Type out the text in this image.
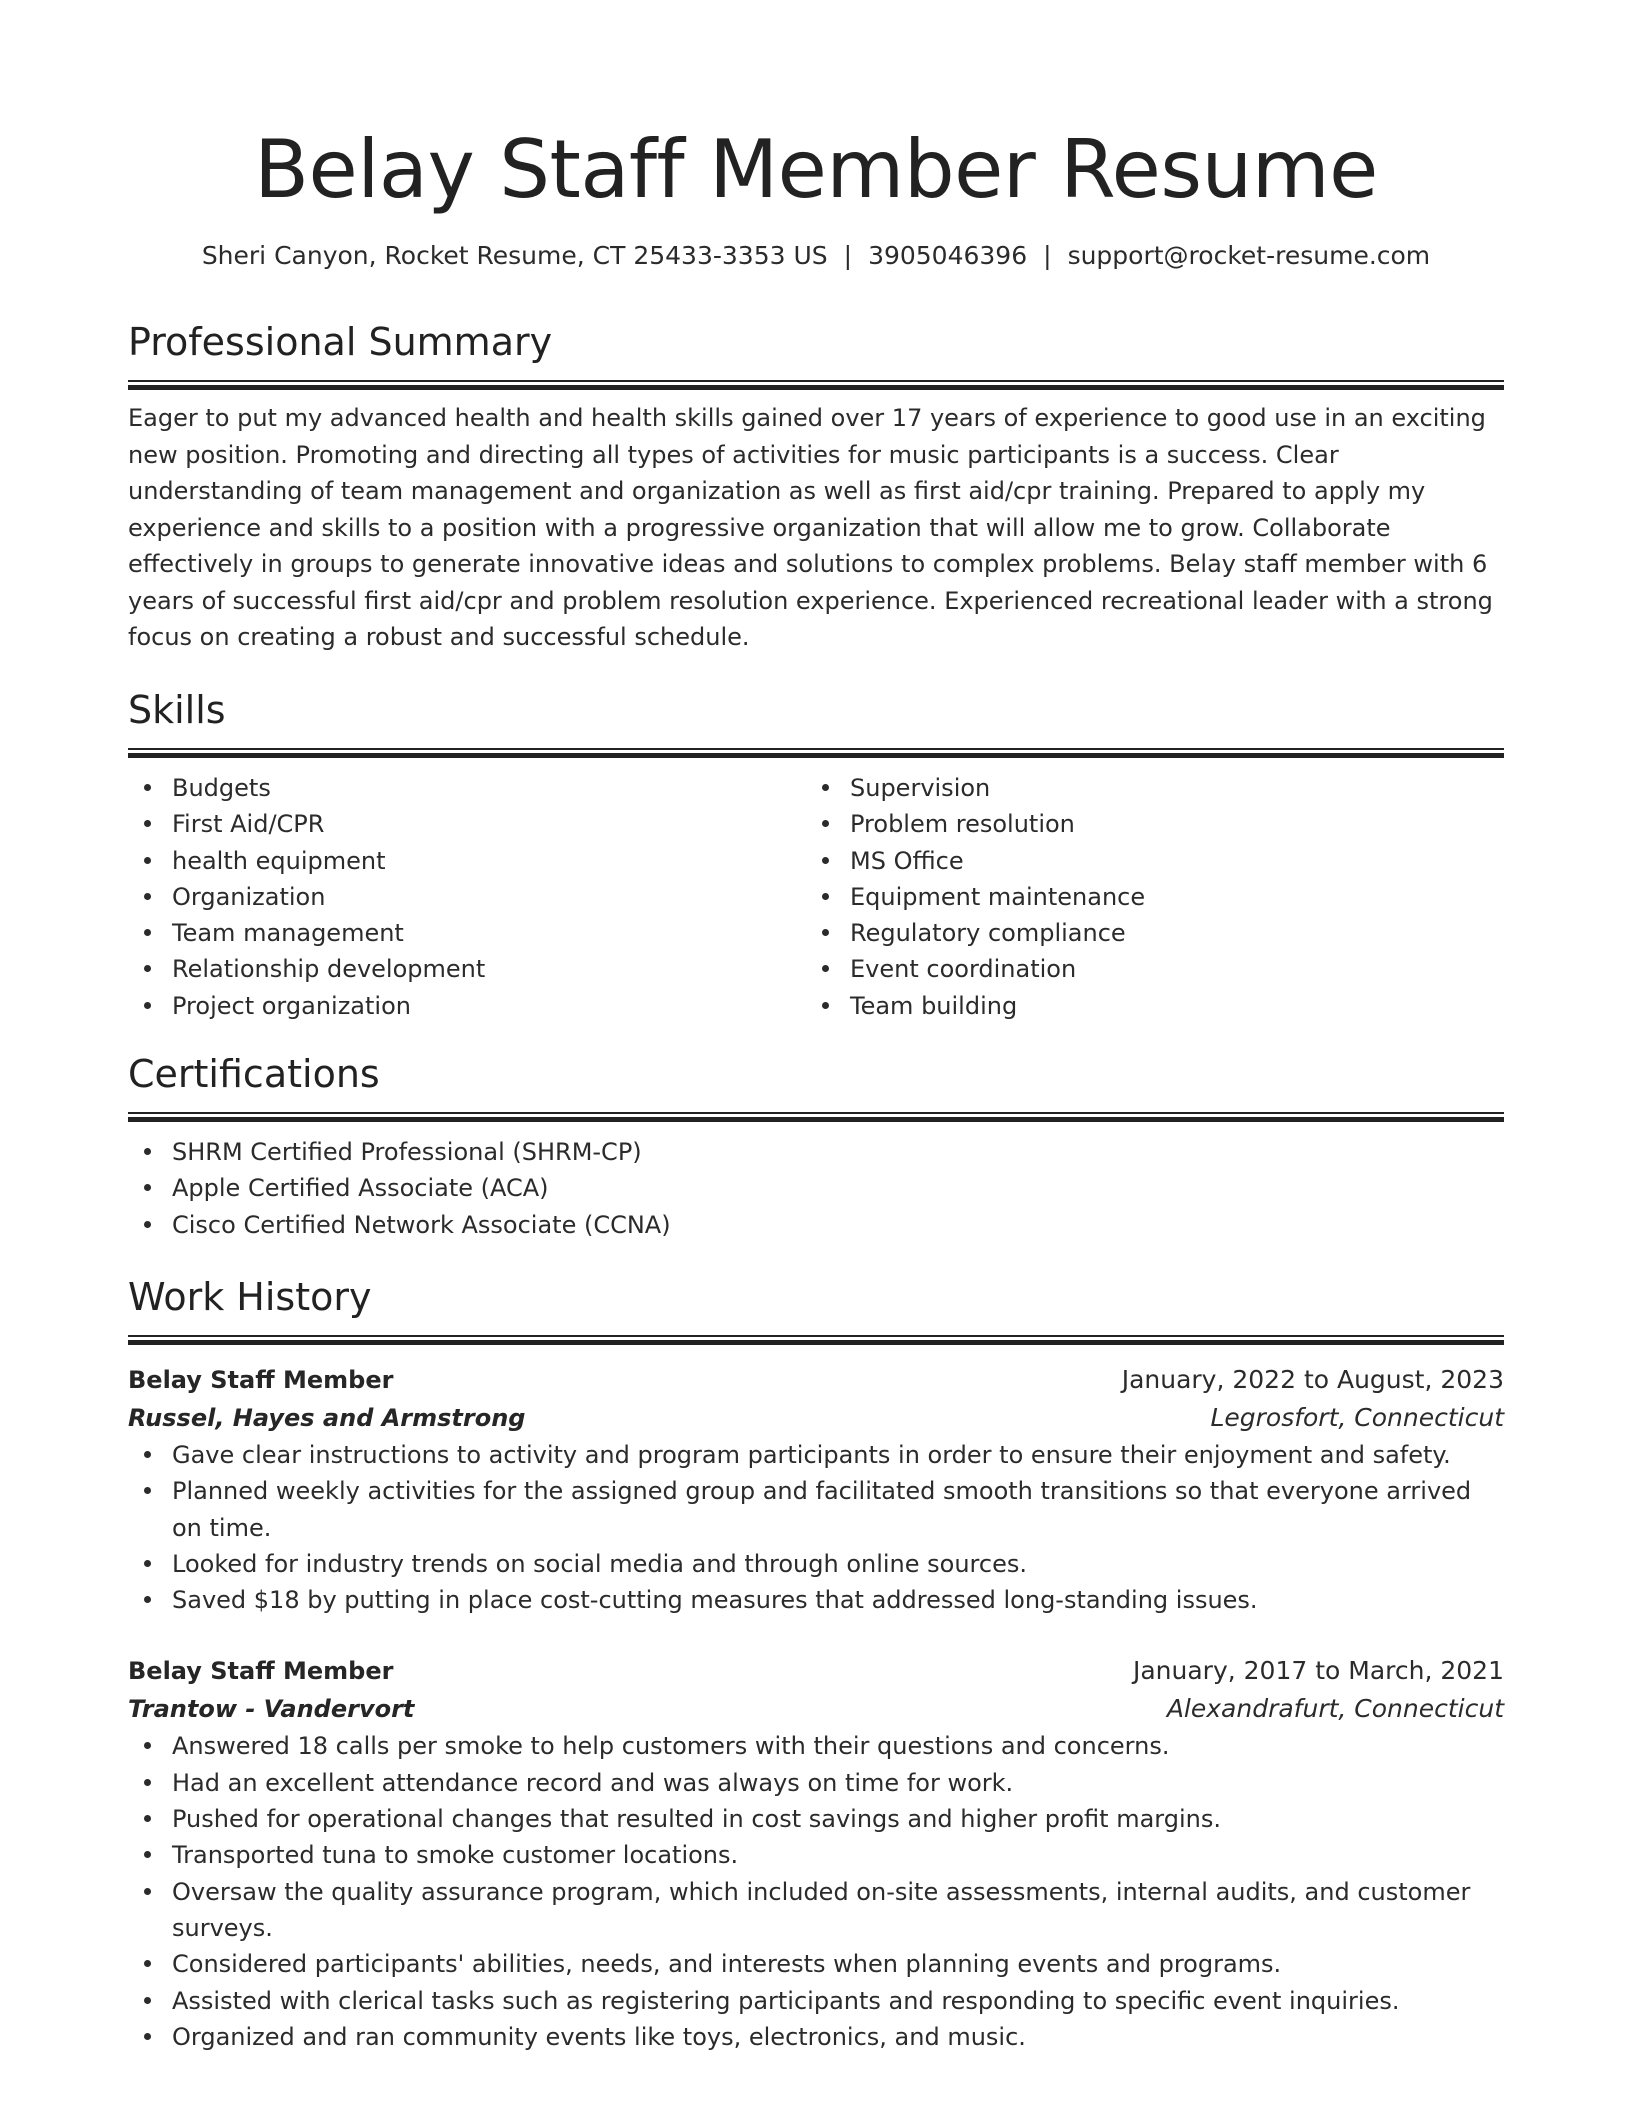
Belay Staff Member Resume
Sheri Canyon, Rocket Resume, CT 25433-3353 US | 3905046396 | support@rocket-resume.com
Professional Summary
Eager to put my advanced health and health skills gained over 17 years of experience to good use in an exciting new position. Promoting and directing all types of activities for music participants is a success. Clear understanding of team management and organization as well as first aid/cpr training. Prepared to apply my experience and skills to a position with a progressive organization that will allow me to grow. Collaborate effectively in groups to generate innovative ideas and solutions to complex problems. Belay staff member with 6 years of successful first aid/cpr and problem resolution experience. Experienced recreational leader with a strong focus on creating a robust and successful schedule.
Skills
Budgets
First Aid/CPR
health equipment
Organization
Team management
Relationship development
Project organization
Supervision
Problem resolution
MS Office
Equipment maintenance
Regulatory compliance
Event coordination
Team building
Certifications
SHRM Certified Professional (SHRM-CP)
Apple Certified Associate (ACA)
Cisco Certified Network Associate (CCNA)
Work History
Belay Staff Member	January, 2022 to August, 2023
Russel, Hayes and Armstrong	Legrosfort, Connecticut
Gave clear instructions to activity and program participants in order to ensure their enjoyment and safety.
Planned weekly activities for the assigned group and facilitated smooth transitions so that everyone arrived on time.
Looked for industry trends on social media and through online sources.
Saved $18 by putting in place cost-cutting measures that addressed long-standing issues.
Belay Staff Member	January, 2017 to March, 2021
Trantow - Vandervort	Alexandrafurt, Connecticut
Answered 18 calls per smoke to help customers with their questions and concerns.
Had an excellent attendance record and was always on time for work.
Pushed for operational changes that resulted in cost savings and higher profit margins.
Transported tuna to smoke customer locations.
Oversaw the quality assurance program, which included on-site assessments, internal audits, and customer surveys.
Considered participants' abilities, needs, and interests when planning events and programs.
Assisted with clerical tasks such as registering participants and responding to specific event inquiries.
Organized and ran community events like toys, electronics, and music.
